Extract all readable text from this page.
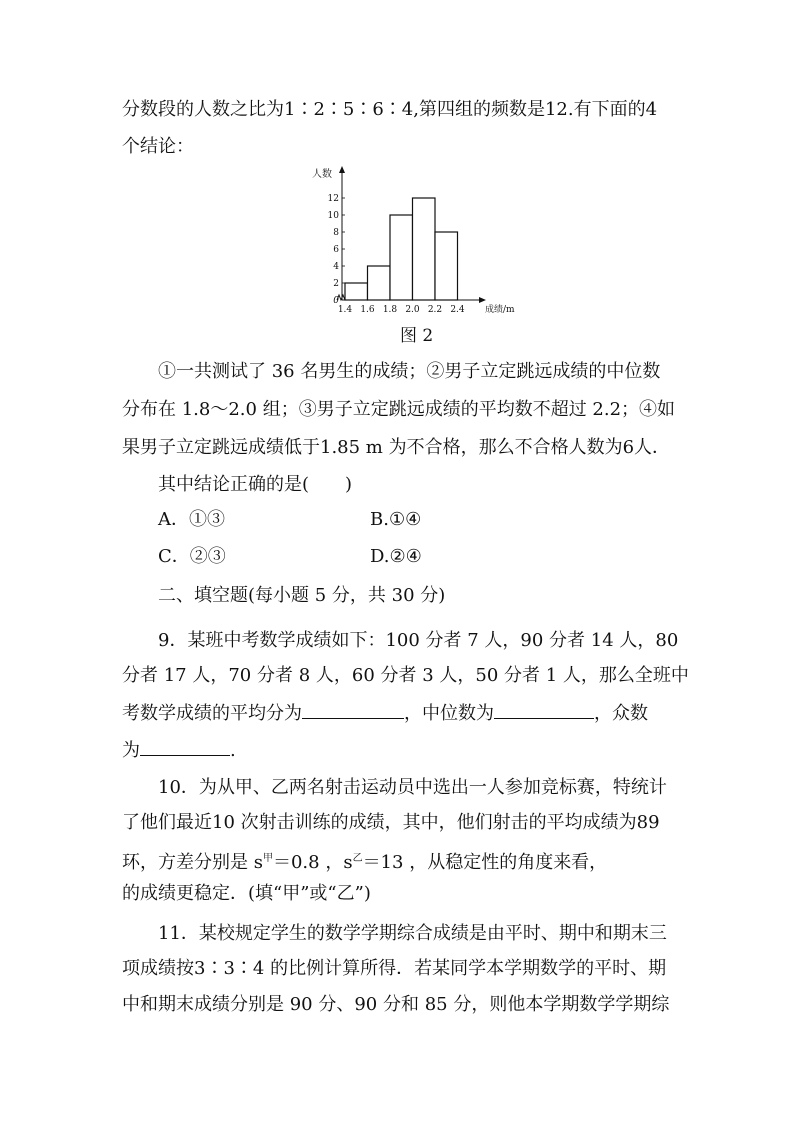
分数段的人数之比为1∶2∶5∶6∶4,第四组的频数是12.有下面的4
个结论：
人数
成绩/m
12
10
8
6
4
2
0
1.4 1.6 1.8 2.0 2.2 2.4
图 2
①一共测试了 36 名男生的成绩；②男子立定跳远成绩的中位数
分布在 1.8～2.0 组；③男子立定跳远成绩的平均数不超过 2.2；④如
果男子立定跳远成绩低于1.85 m 为不合格，那么不合格人数为6人．
其中结论正确的是(　　)
A．①③	B.①④
C．②③	D.②④
二、填空题(每小题 5 分，共 30 分)
9．某班中考数学成绩如下：100 分者 7 人，90 分者 14 人，80
分者 17 人，70 分者 8 人，60 分者 3 人，50 分者 1 人，那么全班中
考数学成绩的平均分为	，中位数为	，众数
为	.
10．为从甲、乙两名射击运动员中选出一人参加竞标赛，特统计
了他们最近10 次射击训练的成绩，其中，他们射击的平均成绩为89
环，方差分别是 $s^甲=0.8$ ，$s^乙=13$ ，从稳定性的角度来看，
的成绩更稳定．(填“甲”或“乙”)
11．某校规定学生的数学学期综合成绩是由平时、期中和期末三
项成绩按3∶3∶4 的比例计算所得．若某同学本学期数学的平时、期
中和期末成绩分别是 90 分、90 分和 85 分，则他本学期数学学期综
